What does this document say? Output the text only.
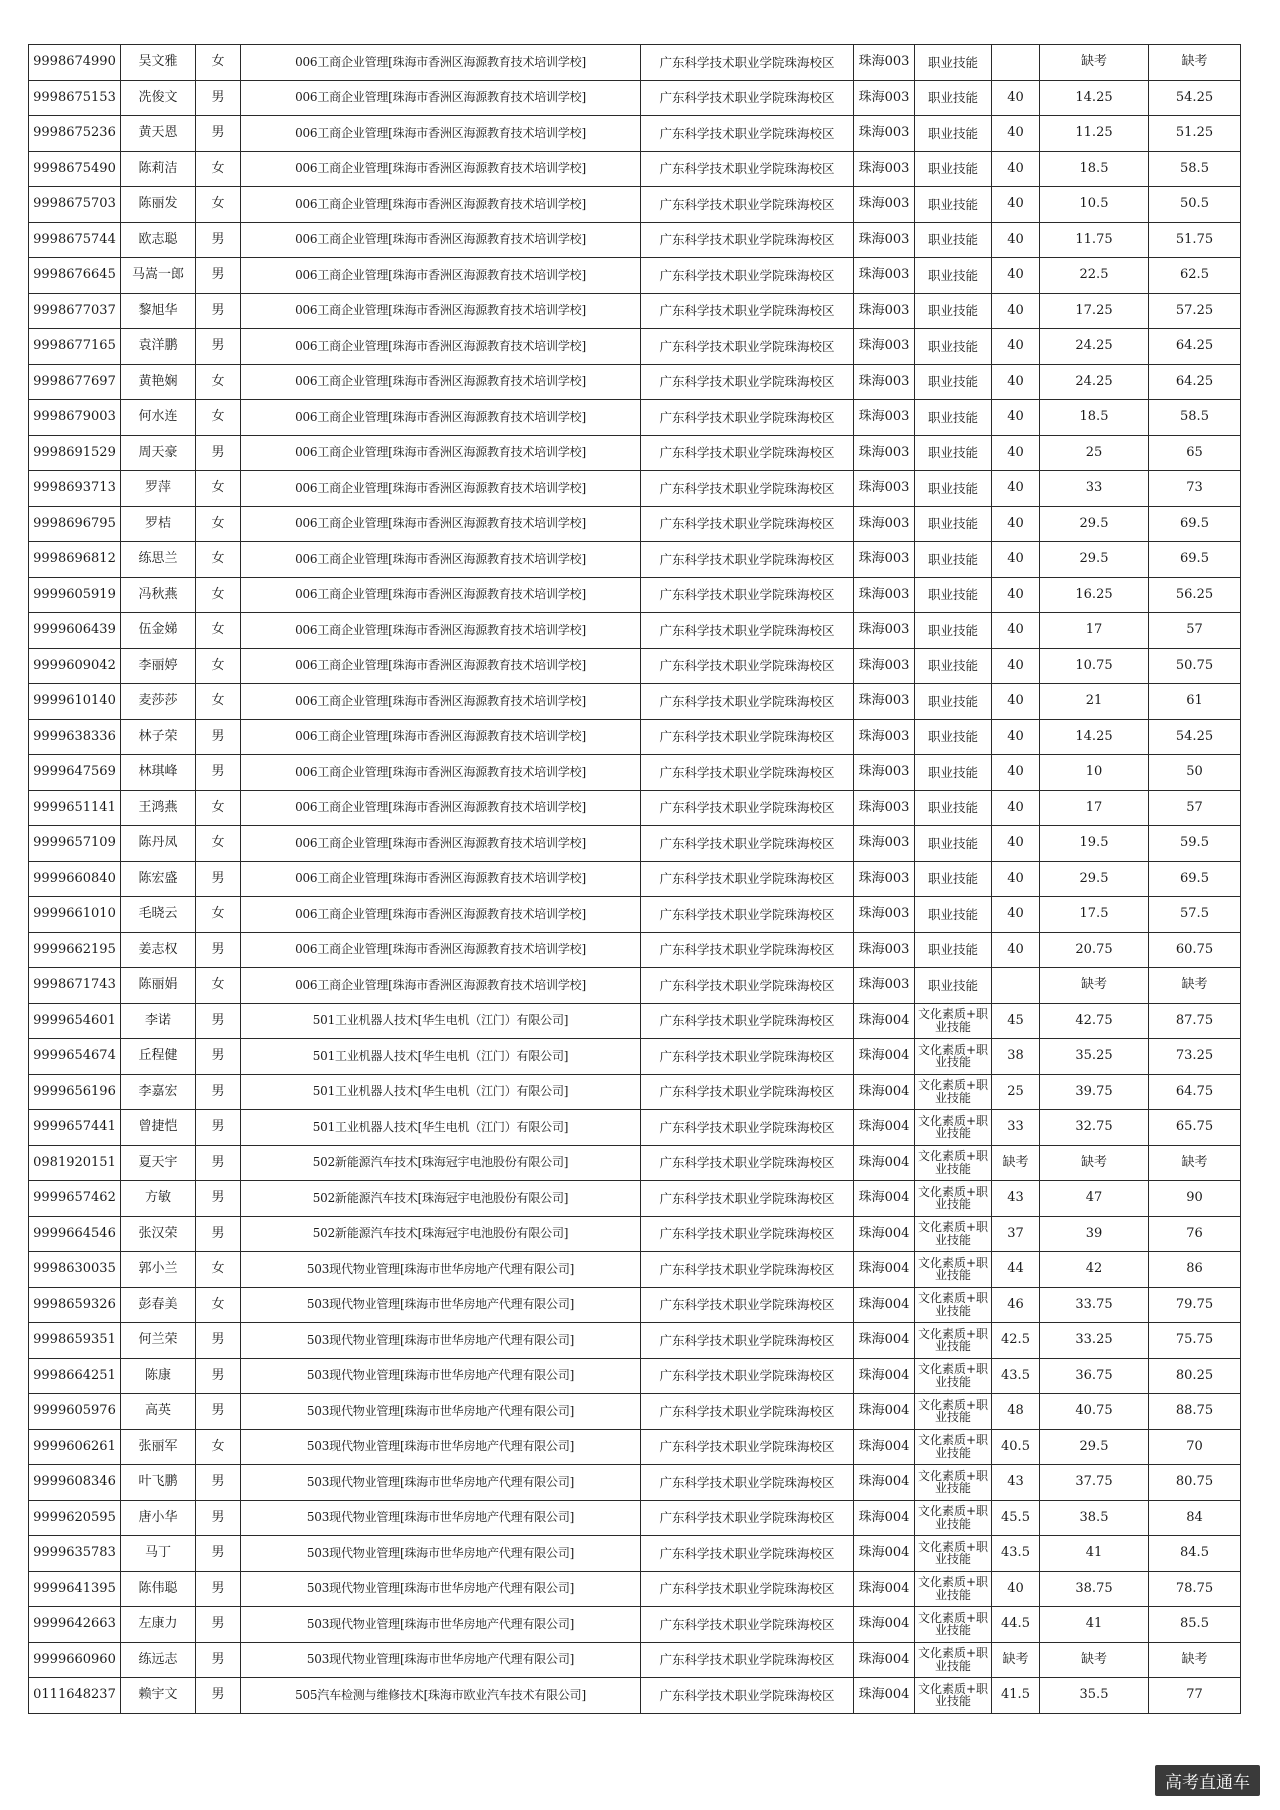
9998674990	吴文雅	女	006工商企业管理[珠海市香洲区海源教育技术培训学校]	广东科学技术职业学院珠海校区	珠海003	职业技能		缺考	缺考
9998675153	冼俊文	男	006工商企业管理[珠海市香洲区海源教育技术培训学校]	广东科学技术职业学院珠海校区	珠海003	职业技能	40	14.25	54.25
9998675236	黄天恩	男	006工商企业管理[珠海市香洲区海源教育技术培训学校]	广东科学技术职业学院珠海校区	珠海003	职业技能	40	11.25	51.25
9998675490	陈莉洁	女	006工商企业管理[珠海市香洲区海源教育技术培训学校]	广东科学技术职业学院珠海校区	珠海003	职业技能	40	18.5	58.5
9998675703	陈丽发	女	006工商企业管理[珠海市香洲区海源教育技术培训学校]	广东科学技术职业学院珠海校区	珠海003	职业技能	40	10.5	50.5
9998675744	欧志聪	男	006工商企业管理[珠海市香洲区海源教育技术培训学校]	广东科学技术职业学院珠海校区	珠海003	职业技能	40	11.75	51.75
9998676645	马嵩一郎	男	006工商企业管理[珠海市香洲区海源教育技术培训学校]	广东科学技术职业学院珠海校区	珠海003	职业技能	40	22.5	62.5
9998677037	黎旭华	男	006工商企业管理[珠海市香洲区海源教育技术培训学校]	广东科学技术职业学院珠海校区	珠海003	职业技能	40	17.25	57.25
9998677165	袁洋鹏	男	006工商企业管理[珠海市香洲区海源教育技术培训学校]	广东科学技术职业学院珠海校区	珠海003	职业技能	40	24.25	64.25
9998677697	黄艳娴	女	006工商企业管理[珠海市香洲区海源教育技术培训学校]	广东科学技术职业学院珠海校区	珠海003	职业技能	40	24.25	64.25
9998679003	何水连	女	006工商企业管理[珠海市香洲区海源教育技术培训学校]	广东科学技术职业学院珠海校区	珠海003	职业技能	40	18.5	58.5
9998691529	周天豪	男	006工商企业管理[珠海市香洲区海源教育技术培训学校]	广东科学技术职业学院珠海校区	珠海003	职业技能	40	25	65
9998693713	罗萍	女	006工商企业管理[珠海市香洲区海源教育技术培训学校]	广东科学技术职业学院珠海校区	珠海003	职业技能	40	33	73
9998696795	罗桔	女	006工商企业管理[珠海市香洲区海源教育技术培训学校]	广东科学技术职业学院珠海校区	珠海003	职业技能	40	29.5	69.5
9998696812	练思兰	女	006工商企业管理[珠海市香洲区海源教育技术培训学校]	广东科学技术职业学院珠海校区	珠海003	职业技能	40	29.5	69.5
9999605919	冯秋燕	女	006工商企业管理[珠海市香洲区海源教育技术培训学校]	广东科学技术职业学院珠海校区	珠海003	职业技能	40	16.25	56.25
9999606439	伍金娣	女	006工商企业管理[珠海市香洲区海源教育技术培训学校]	广东科学技术职业学院珠海校区	珠海003	职业技能	40	17	57
9999609042	李丽婷	女	006工商企业管理[珠海市香洲区海源教育技术培训学校]	广东科学技术职业学院珠海校区	珠海003	职业技能	40	10.75	50.75
9999610140	麦莎莎	女	006工商企业管理[珠海市香洲区海源教育技术培训学校]	广东科学技术职业学院珠海校区	珠海003	职业技能	40	21	61
9999638336	林子荣	男	006工商企业管理[珠海市香洲区海源教育技术培训学校]	广东科学技术职业学院珠海校区	珠海003	职业技能	40	14.25	54.25
9999647569	林琪峰	男	006工商企业管理[珠海市香洲区海源教育技术培训学校]	广东科学技术职业学院珠海校区	珠海003	职业技能	40	10	50
9999651141	王鸿燕	女	006工商企业管理[珠海市香洲区海源教育技术培训学校]	广东科学技术职业学院珠海校区	珠海003	职业技能	40	17	57
9999657109	陈丹凤	女	006工商企业管理[珠海市香洲区海源教育技术培训学校]	广东科学技术职业学院珠海校区	珠海003	职业技能	40	19.5	59.5
9999660840	陈宏盛	男	006工商企业管理[珠海市香洲区海源教育技术培训学校]	广东科学技术职业学院珠海校区	珠海003	职业技能	40	29.5	69.5
9999661010	毛晓云	女	006工商企业管理[珠海市香洲区海源教育技术培训学校]	广东科学技术职业学院珠海校区	珠海003	职业技能	40	17.5	57.5
9999662195	姜志权	男	006工商企业管理[珠海市香洲区海源教育技术培训学校]	广东科学技术职业学院珠海校区	珠海003	职业技能	40	20.75	60.75
9998671743	陈丽娟	女	006工商企业管理[珠海市香洲区海源教育技术培训学校]	广东科学技术职业学院珠海校区	珠海003	职业技能		缺考	缺考
9999654601	李诺	男	501工业机器人技术[华生电机（江门）有限公司]	广东科学技术职业学院珠海校区	珠海004	文化素质+职业技能	45	42.75	87.75
9999654674	丘程健	男	501工业机器人技术[华生电机（江门）有限公司]	广东科学技术职业学院珠海校区	珠海004	文化素质+职业技能	38	35.25	73.25
9999656196	李嘉宏	男	501工业机器人技术[华生电机（江门）有限公司]	广东科学技术职业学院珠海校区	珠海004	文化素质+职业技能	25	39.75	64.75
9999657441	曾捷恺	男	501工业机器人技术[华生电机（江门）有限公司]	广东科学技术职业学院珠海校区	珠海004	文化素质+职业技能	33	32.75	65.75
0981920151	夏天宇	男	502新能源汽车技术[珠海冠宇电池股份有限公司]	广东科学技术职业学院珠海校区	珠海004	文化素质+职业技能	缺考	缺考	缺考
9999657462	方敏	男	502新能源汽车技术[珠海冠宇电池股份有限公司]	广东科学技术职业学院珠海校区	珠海004	文化素质+职业技能	43	47	90
9999664546	张汉荣	男	502新能源汽车技术[珠海冠宇电池股份有限公司]	广东科学技术职业学院珠海校区	珠海004	文化素质+职业技能	37	39	76
9998630035	郭小兰	女	503现代物业管理[珠海市世华房地产代理有限公司]	广东科学技术职业学院珠海校区	珠海004	文化素质+职业技能	44	42	86
9998659326	彭春美	女	503现代物业管理[珠海市世华房地产代理有限公司]	广东科学技术职业学院珠海校区	珠海004	文化素质+职业技能	46	33.75	79.75
9998659351	何兰荣	男	503现代物业管理[珠海市世华房地产代理有限公司]	广东科学技术职业学院珠海校区	珠海004	文化素质+职业技能	42.5	33.25	75.75
9998664251	陈康	男	503现代物业管理[珠海市世华房地产代理有限公司]	广东科学技术职业学院珠海校区	珠海004	文化素质+职业技能	43.5	36.75	80.25
9999605976	高英	男	503现代物业管理[珠海市世华房地产代理有限公司]	广东科学技术职业学院珠海校区	珠海004	文化素质+职业技能	48	40.75	88.75
9999606261	张丽军	女	503现代物业管理[珠海市世华房地产代理有限公司]	广东科学技术职业学院珠海校区	珠海004	文化素质+职业技能	40.5	29.5	70
9999608346	叶飞鹏	男	503现代物业管理[珠海市世华房地产代理有限公司]	广东科学技术职业学院珠海校区	珠海004	文化素质+职业技能	43	37.75	80.75
9999620595	唐小华	男	503现代物业管理[珠海市世华房地产代理有限公司]	广东科学技术职业学院珠海校区	珠海004	文化素质+职业技能	45.5	38.5	84
9999635783	马丁	男	503现代物业管理[珠海市世华房地产代理有限公司]	广东科学技术职业学院珠海校区	珠海004	文化素质+职业技能	43.5	41	84.5
9999641395	陈伟聪	男	503现代物业管理[珠海市世华房地产代理有限公司]	广东科学技术职业学院珠海校区	珠海004	文化素质+职业技能	40	38.75	78.75
9999642663	左康力	男	503现代物业管理[珠海市世华房地产代理有限公司]	广东科学技术职业学院珠海校区	珠海004	文化素质+职业技能	44.5	41	85.5
9999660960	练远志	男	503现代物业管理[珠海市世华房地产代理有限公司]	广东科学技术职业学院珠海校区	珠海004	文化素质+职业技能	缺考	缺考	缺考
0111648237	赖宇文	男	505汽车检测与维修技术[珠海市欧业汽车技术有限公司]	广东科学技术职业学院珠海校区	珠海004	文化素质+职业技能	41.5	35.5	77
高考直通车
